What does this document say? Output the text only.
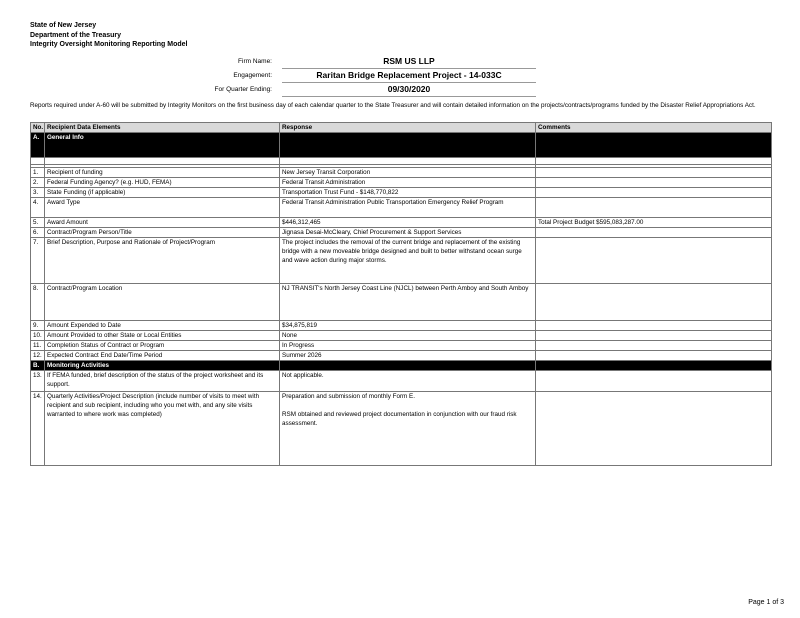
State of New Jersey
Department of the Treasury
Integrity Oversight Monitoring Reporting Model
Firm Name:	RSM US LLP
Engagement:	Raritan Bridge Replacement Project - 14-033C
For Quarter Ending:	09/30/2020
Reports required under A-60 will be submitted by Integrity Monitors on the first business day of each calendar quarter to the State Treasurer and will contain detailed information on the projects/contracts/programs funded by the Disaster Relief Appropriations Act.
No.	Recipient Data Elements	Response	Comments
A.	General Info		

1.	Recipient of funding	New Jersey Transit Corporation	
2.	Federal Funding Agency? (e.g. HUD, FEMA)	Federal Transit Administration	
3.	State Funding (if applicable)	Transportation Trust Fund - $148,770,822	
4.	Award Type	Federal Transit Administration Public Transportation Emergency Relief Program	
5.	Award Amount	$446,312,465	Total Project Budget $595,083,287.00
6.	Contract/Program Person/Title	Jignasa Desai-McCleary, Chief Procurement & Support Services	
7.	Brief Description, Purpose and Rationale of Project/Program	The project includes the removal of the current bridge and replacement of the existing bridge with a new moveable bridge designed and built to better withstand ocean surge and wave action during major storms.	
8.	Contract/Program Location	NJ TRANSIT's North Jersey Coast Line (NJCL) between Perth Amboy and South Amboy	
9.	Amount Expended to Date	$34,875,819	
10.	Amount Provided to other State or Local Entities	None	
11.	Completion Status of Contract or Program	In Progress	
12.	Expected Contract End Date/Time Period	Summer 2026	
B.	Monitoring Activities		
13.	If FEMA funded, brief description of the status of the project worksheet and its support.	Not applicable.	
14.	Quarterly Activities/Project Description (include number of visits to meet with recipient and sub recipient, including who you met with, and any site visits warranted to where work was completed)	Preparation and submission of monthly Form E.
RSM obtained and reviewed project documentation in conjunction with our fraud risk assessment.	

Page 1 of 3
